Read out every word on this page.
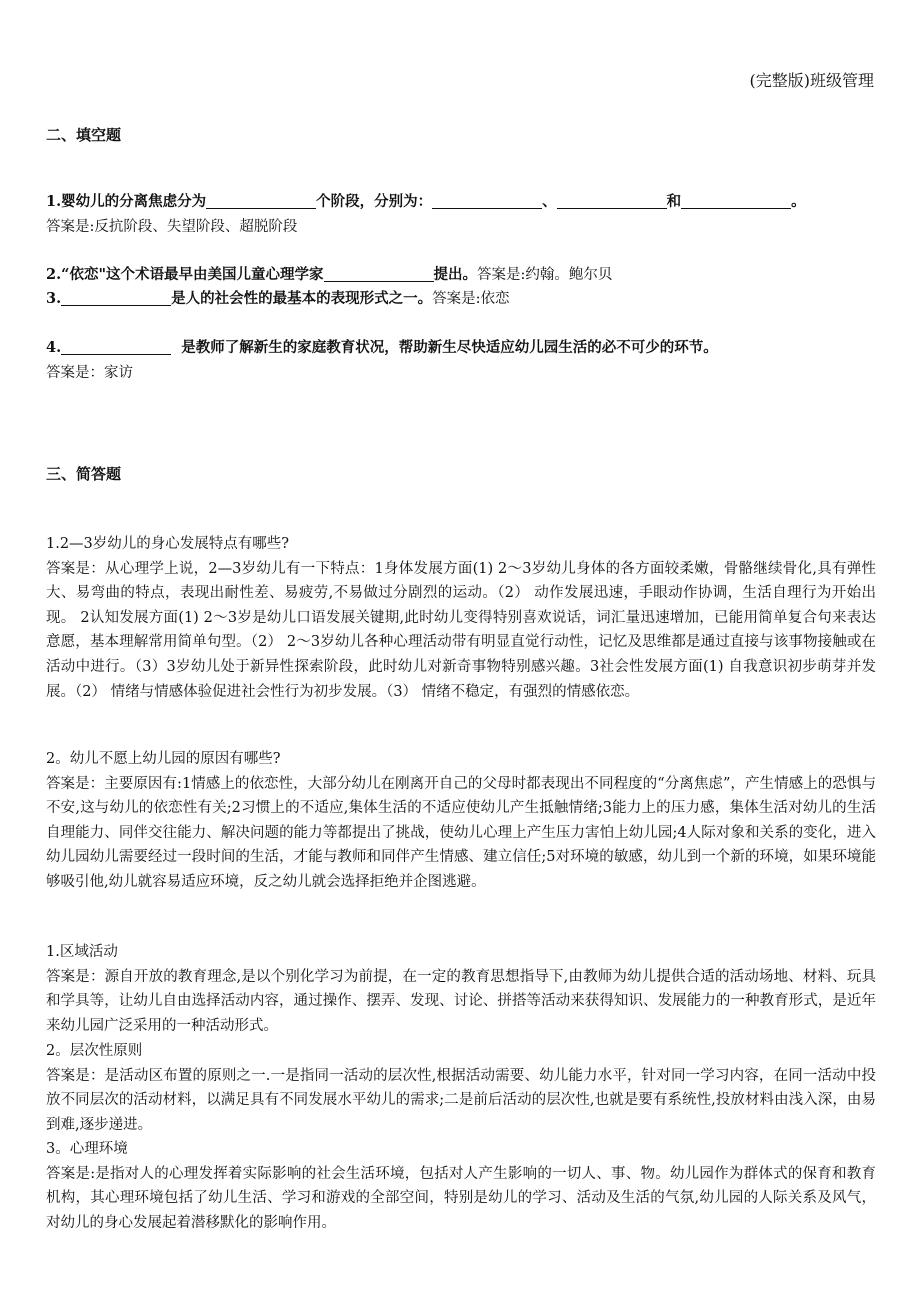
(完整版)班级管理
二、填空题
1.婴幼儿的分离焦虑分为	个阶段，分别为：	、	和	。
答案是:反抗阶段、失望阶段、超脱阶段
2.“依恋"这个术语最早由美国儿童心理学家	提出。答案是:约翰。鲍尔贝
3.	是人的社会性的最基本的表现形式之一。答案是:依恋
4.	是教师了解新生的家庭教育状况，帮助新生尽快适应幼儿园生活的必不可少的环节。
答案是：家访
三、简答题
1.2—3岁幼儿的身心发展特点有哪些?
答案是：从心理学上说，2—3岁幼儿有一下特点：1身体发展方面(1) 2～3岁幼儿身体的各方面较柔嫩，骨骼继续骨化,具有弹性大、易弯曲的特点，表现出耐性差、易疲劳,不易做过分剧烈的运动。（2） 动作发展迅速，手眼动作协调，生活自理行为开始出现。 2认知发展方面(1) 2～3岁是幼儿口语发展关键期,此时幼儿变得特别喜欢说话，词汇量迅速增加，已能用简单复合句来表达意愿，基本理解常用简单句型。（2） 2～3岁幼儿各种心理活动带有明显直觉行动性，记忆及思维都是通过直接与该事物接触或在活动中进行。（3）3岁幼儿处于新异性探索阶段，此时幼儿对新奇事物特别感兴趣。3社会性发展方面(1) 自我意识初步萌芽并发展。（2） 情绪与情感体验促进社会性行为初步发展。（3） 情绪不稳定，有强烈的情感依恋。
2。幼儿不愿上幼儿园的原因有哪些?
答案是：主要原因有:1情感上的依恋性，大部分幼儿在刚离开自己的父母时都表现出不同程度的“分离焦虑”，产生情感上的恐惧与不安,这与幼儿的依恋性有关;2习惯上的不适应,集体生活的不适应使幼儿产生抵触情绪;3能力上的压力感，集体生活对幼儿的生活自理能力、同伴交往能力、解决问题的能力等都提出了挑战，使幼儿心理上产生压力害怕上幼儿园;4人际对象和关系的变化，进入幼儿园幼儿需要经过一段时间的生活，才能与教师和同伴产生情感、建立信任;5对环境的敏感，幼儿到一个新的环境，如果环境能够吸引他,幼儿就容易适应环境，反之幼儿就会选择拒绝并企图逃避。
1.区域活动
答案是：源自开放的教育理念,是以个别化学习为前提，在一定的教育思想指导下,由教师为幼儿提供合适的活动场地、材料、玩具和学具等，让幼儿自由选择活动内容，通过操作、摆弄、发现、讨论、拼搭等活动来获得知识、发展能力的一种教育形式，是近年来幼儿园广泛采用的一种活动形式。
2。层次性原则
答案是：是活动区布置的原则之一.一是指同一活动的层次性,根据活动需要、幼儿能力水平，针对同一学习内容，在同一活动中投放不同层次的活动材料，以满足具有不同发展水平幼儿的需求;二是前后活动的层次性,也就是要有系统性,投放材料由浅入深，由易到难,逐步递进。
3。心理环境
答案是:是指对人的心理发挥着实际影响的社会生活环境，包括对人产生影响的一切人、事、物。幼儿园作为群体式的保育和教育机构，其心理环境包括了幼儿生活、学习和游戏的全部空间，特别是幼儿的学习、活动及生活的气氛,幼儿园的人际关系及风气，对幼儿的身心发展起着潜移默化的影响作用。
